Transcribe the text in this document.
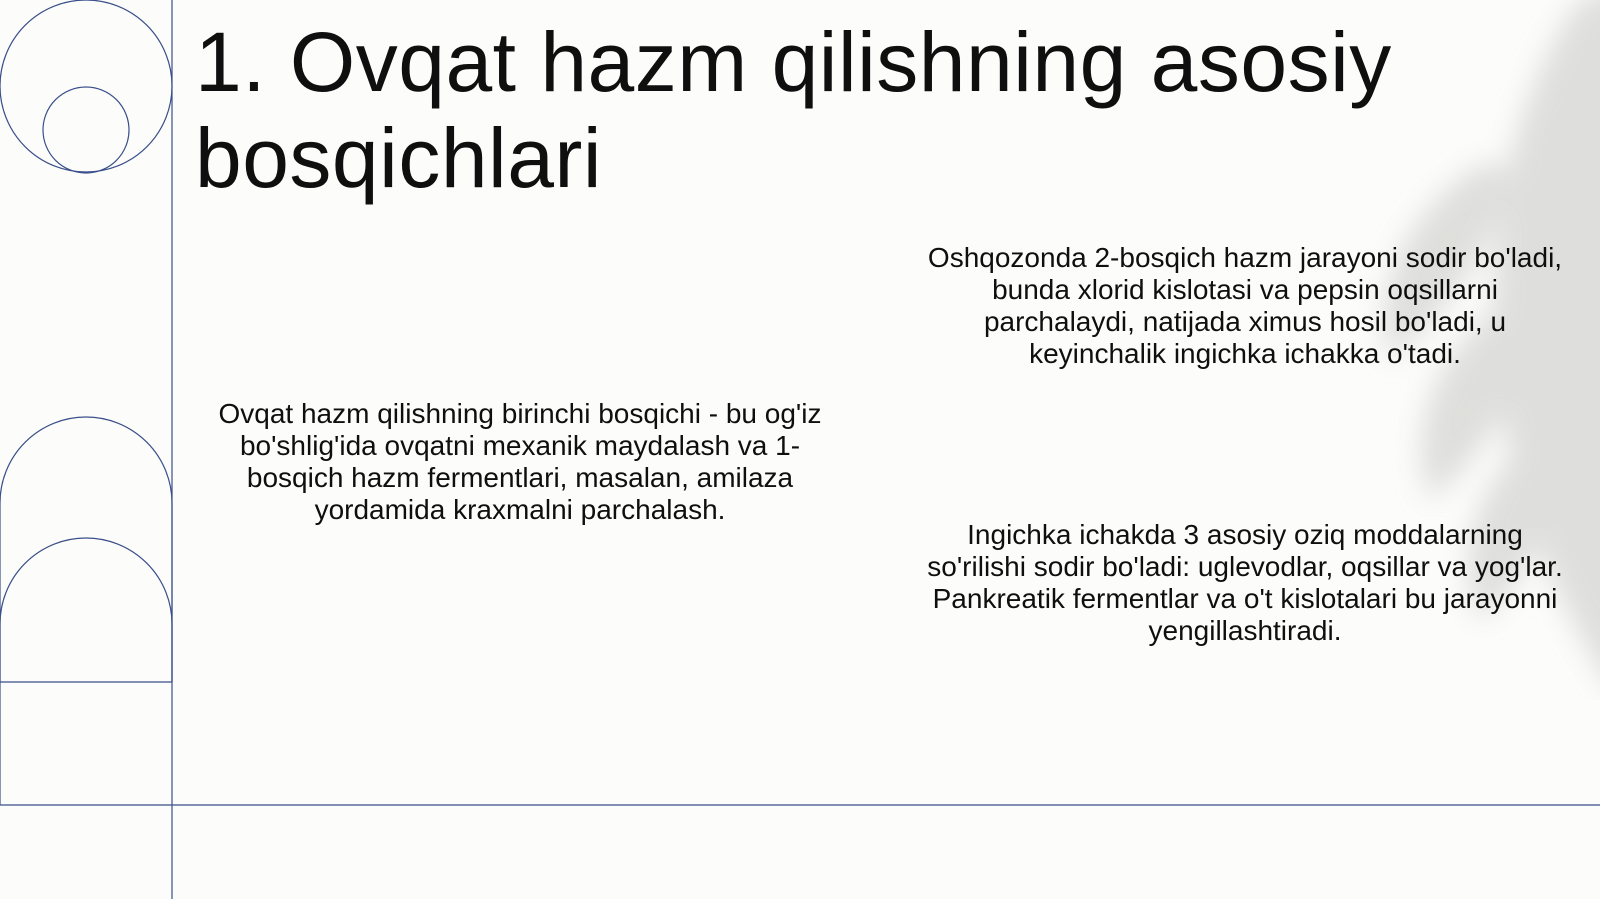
1. Ovqat hazm qilishning asosiy bosqichlari

Ovqat hazm qilishning birinchi bosqichi - bu og'iz bo'shlig'ida ovqatni mexanik maydalash va 1-bosqich hazm fermentlari, masalan, amilaza yordamida kraxmalni parchalash.

Oshqozonda 2-bosqich hazm jarayoni sodir bo'ladi, bunda xlorid kislotasi va pepsin oqsillarni parchalaydi, natijada ximus hosil bo'ladi, u keyinchalik ingichka ichakka o'tadi.

Ingichka ichakda 3 asosiy oziq moddalarning so'rilishi sodir bo'ladi: uglevodlar, oqsillar va yog'lar. Pankreatik fermentlar va o't kislotalari bu jarayonni yengillashtiradi.
